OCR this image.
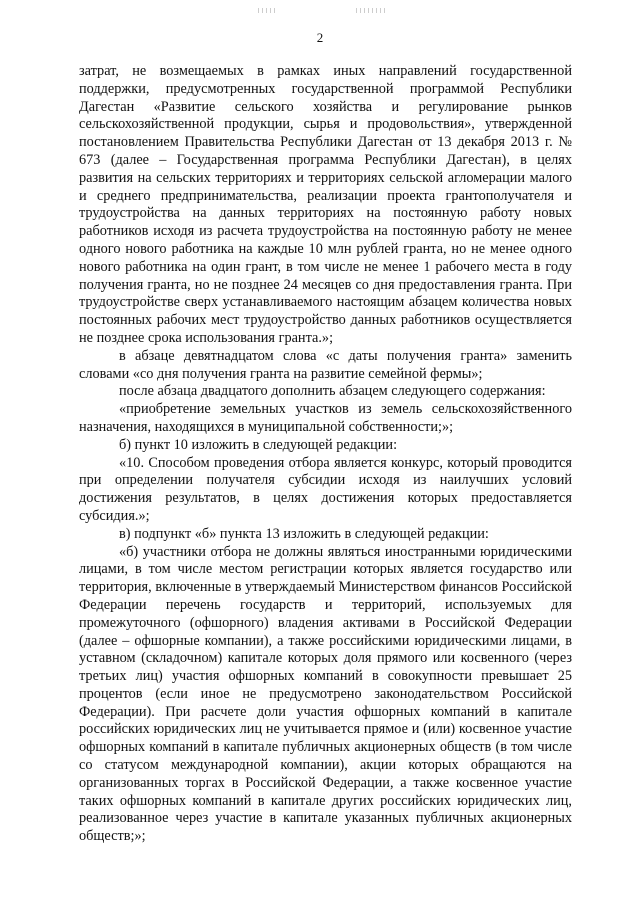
2

затрат, не возмещаемых в рамках иных направлений государственной поддержки, предусмотренных государственной программой Республики Дагестан «Развитие сельского хозяйства и регулирование рынков сельскохозяйственной продукции, сырья и продовольствия», утвержденной постановлением Правительства Республики Дагестан от 13 декабря 2013 г. № 673 (далее – Государственная программа Республики Дагестан), в целях развития на сельских территориях и территориях сельской агломерации малого и среднего предпринимательства, реализации проекта грантополучателя и трудоустройства на данных территориях на постоянную работу новых работников исходя из расчета трудоустройства на постоянную работу не менее одного нового работника на каждые 10 млн рублей гранта, но не менее одного нового работника на один грант, в том числе не менее 1 рабочего места в году получения гранта, но не позднее 24 месяцев со дня предоставления гранта. При трудоустройстве сверх устанавливаемого настоящим абзацем количества новых постоянных рабочих мест трудоустройство данных работников осуществляется не позднее срока использования гранта.»;

в абзаце девятнадцатом слова «с даты получения гранта» заменить словами «со дня получения гранта на развитие семейной фермы»;

после абзаца двадцатого дополнить абзацем следующего содержания:

«приобретение земельных участков из земель сельскохозяйственного назначения, находящихся в муниципальной собственности;»;

б) пункт 10 изложить в следующей редакции:

«10. Способом проведения отбора является конкурс, который проводится при определении получателя субсидии исходя из наилучших условий достижения результатов, в целях достижения которых предоставляется субсидия.»;

в) подпункт «б» пункта 13 изложить в следующей редакции:

«б) участники отбора не должны являться иностранными юридическими лицами, в том числе местом регистрации которых является государство или территория, включенные в утверждаемый Министерством финансов Российской Федерации перечень государств и территорий, используемых для промежуточного (офшорного) владения активами в Российской Федерации (далее – офшорные компании), а также российскими юридическими лицами, в уставном (складочном) капитале которых доля прямого или косвенного (через третьих лиц) участия офшорных компаний в совокупности превышает 25 процентов (если иное не предусмотрено законодательством Российской Федерации). При расчете доли участия офшорных компаний в капитале российских юридических лиц не учитывается прямое и (или) косвенное участие офшорных компаний в капитале публичных акционерных обществ (в том числе со статусом международной компании), акции которых обращаются на организованных торгах в Российской Федерации, а также косвенное участие таких офшорных компаний в капитале других российских юридических лиц, реализованное через участие в капитале указанных публичных акционерных обществ;»;
